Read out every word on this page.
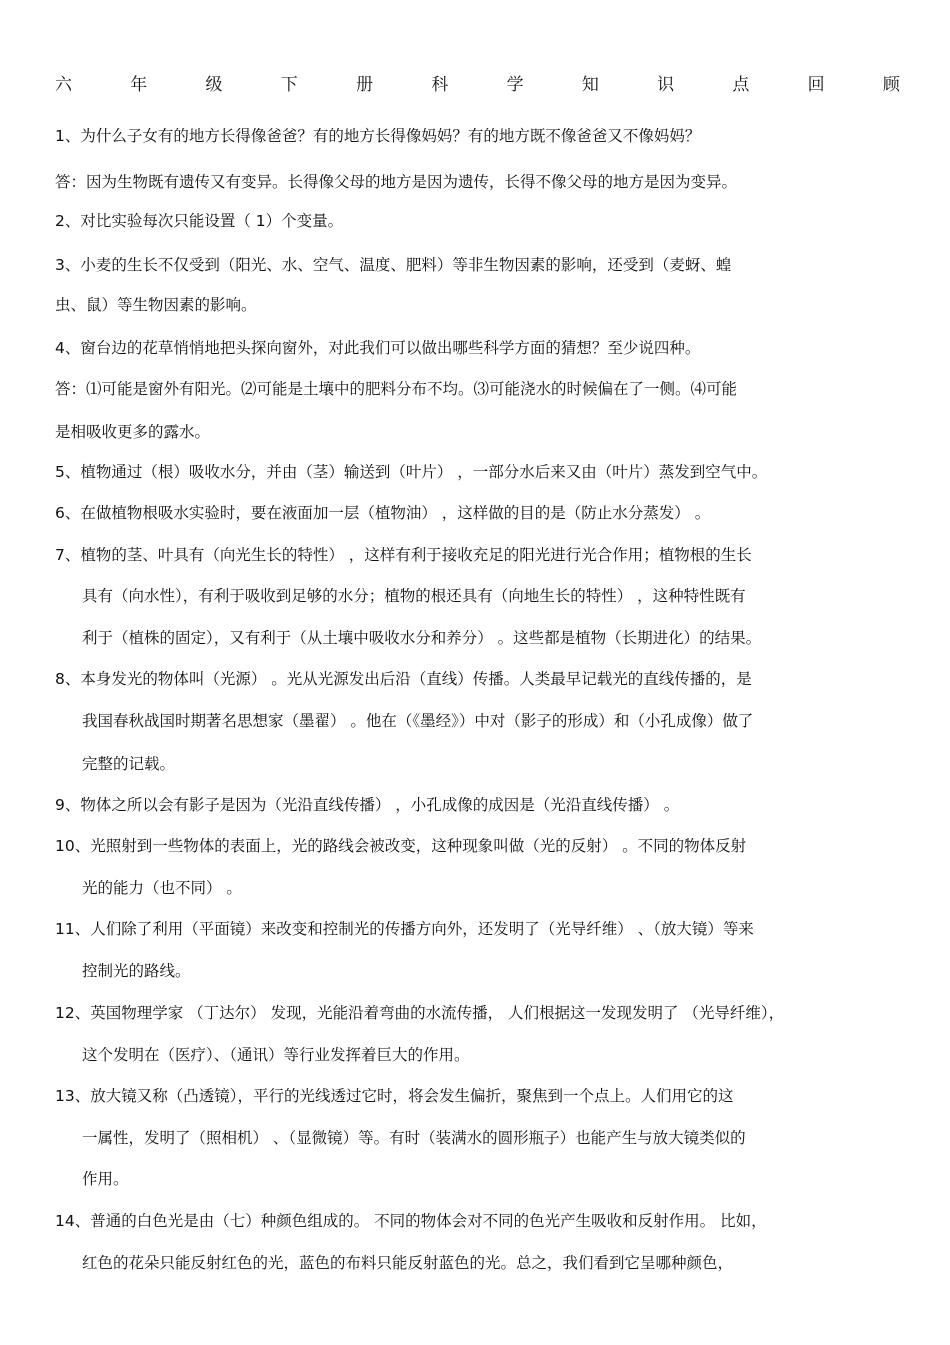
六	年	级	下	册	科	学	知	识	点	回	顾
1、为什么子女有的地方长得像爸爸？有的地方长得像妈妈？有的地方既不像爸爸又不像妈妈？
答：因为生物既有遗传又有变异。长得像父母的地方是因为遗传，长得不像父母的地方是因为变异。
2、对比实验每次只能设置（ 1）个变量。
3、小麦的生长不仅受到（阳光、水、空气、温度、肥料）等非生物因素的影响，还受到（麦蚜、蝗
虫、鼠）等生物因素的影响。
4、窗台边的花草悄悄地把头探向窗外，对此我们可以做出哪些科学方面的猜想？至少说四种。
答：⑴可能是窗外有阳光。⑵可能是土壤中的肥料分布不均。⑶可能浇水的时候偏在了一侧。⑷可能
是相吸收更多的露水。
5、植物通过（根）吸收水分，并由（茎）输送到（叶片） ，一部分水后来又由（叶片）蒸发到空气中。
6、在做植物根吸水实验时，要在液面加一层（植物油） ，这样做的目的是（防止水分蒸发） 。
7、植物的茎、叶具有（向光生长的特性） ，这样有利于接收充足的阳光进行光合作用；植物根的生长
具有（向水性），有利于吸收到足够的水分；植物的根还具有（向地生长的特性） ，这种特性既有
利于（植株的固定），又有利于（从土壤中吸收水分和养分） 。这些都是植物（长期进化）的结果。
8、本身发光的物体叫（光源） 。光从光源发出后沿（直线）传播。人类最早记载光的直线传播的，是
我国春秋战国时期著名思想家（墨翟） 。他在（《墨经》）中对（影子的形成）和（小孔成像）做了
完整的记载。
9、物体之所以会有影子是因为（光沿直线传播） ，小孔成像的成因是（光沿直线传播） 。
10、光照射到一些物体的表面上，光的路线会被改变，这种现象叫做（光的反射） 。不同的物体反射
光的能力（也不同） 。
11、人们除了利用（平面镜）来改变和控制光的传播方向外，还发明了（光导纤维） 、（放大镜）等来
控制光的路线。
12、英国物理学家 （丁达尔） 发现，光能沿着弯曲的水流传播， 人们根据这一发现发明了 （光导纤维），
这个发明在（医疗）、（通讯）等行业发挥着巨大的作用。
13、放大镜又称（凸透镜），平行的光线透过它时，将会发生偏折，聚焦到一个点上。人们用它的这
一属性，发明了（照相机） 、（显微镜）等。有时（装满水的圆形瓶子）也能产生与放大镜类似的
作用。
14、普通的白色光是由（七）种颜色组成的。 不同的物体会对不同的色光产生吸收和反射作用。 比如，
红色的花朵只能反射红色的光，蓝色的布料只能反射蓝色的光。总之，我们看到它呈哪种颜色，
